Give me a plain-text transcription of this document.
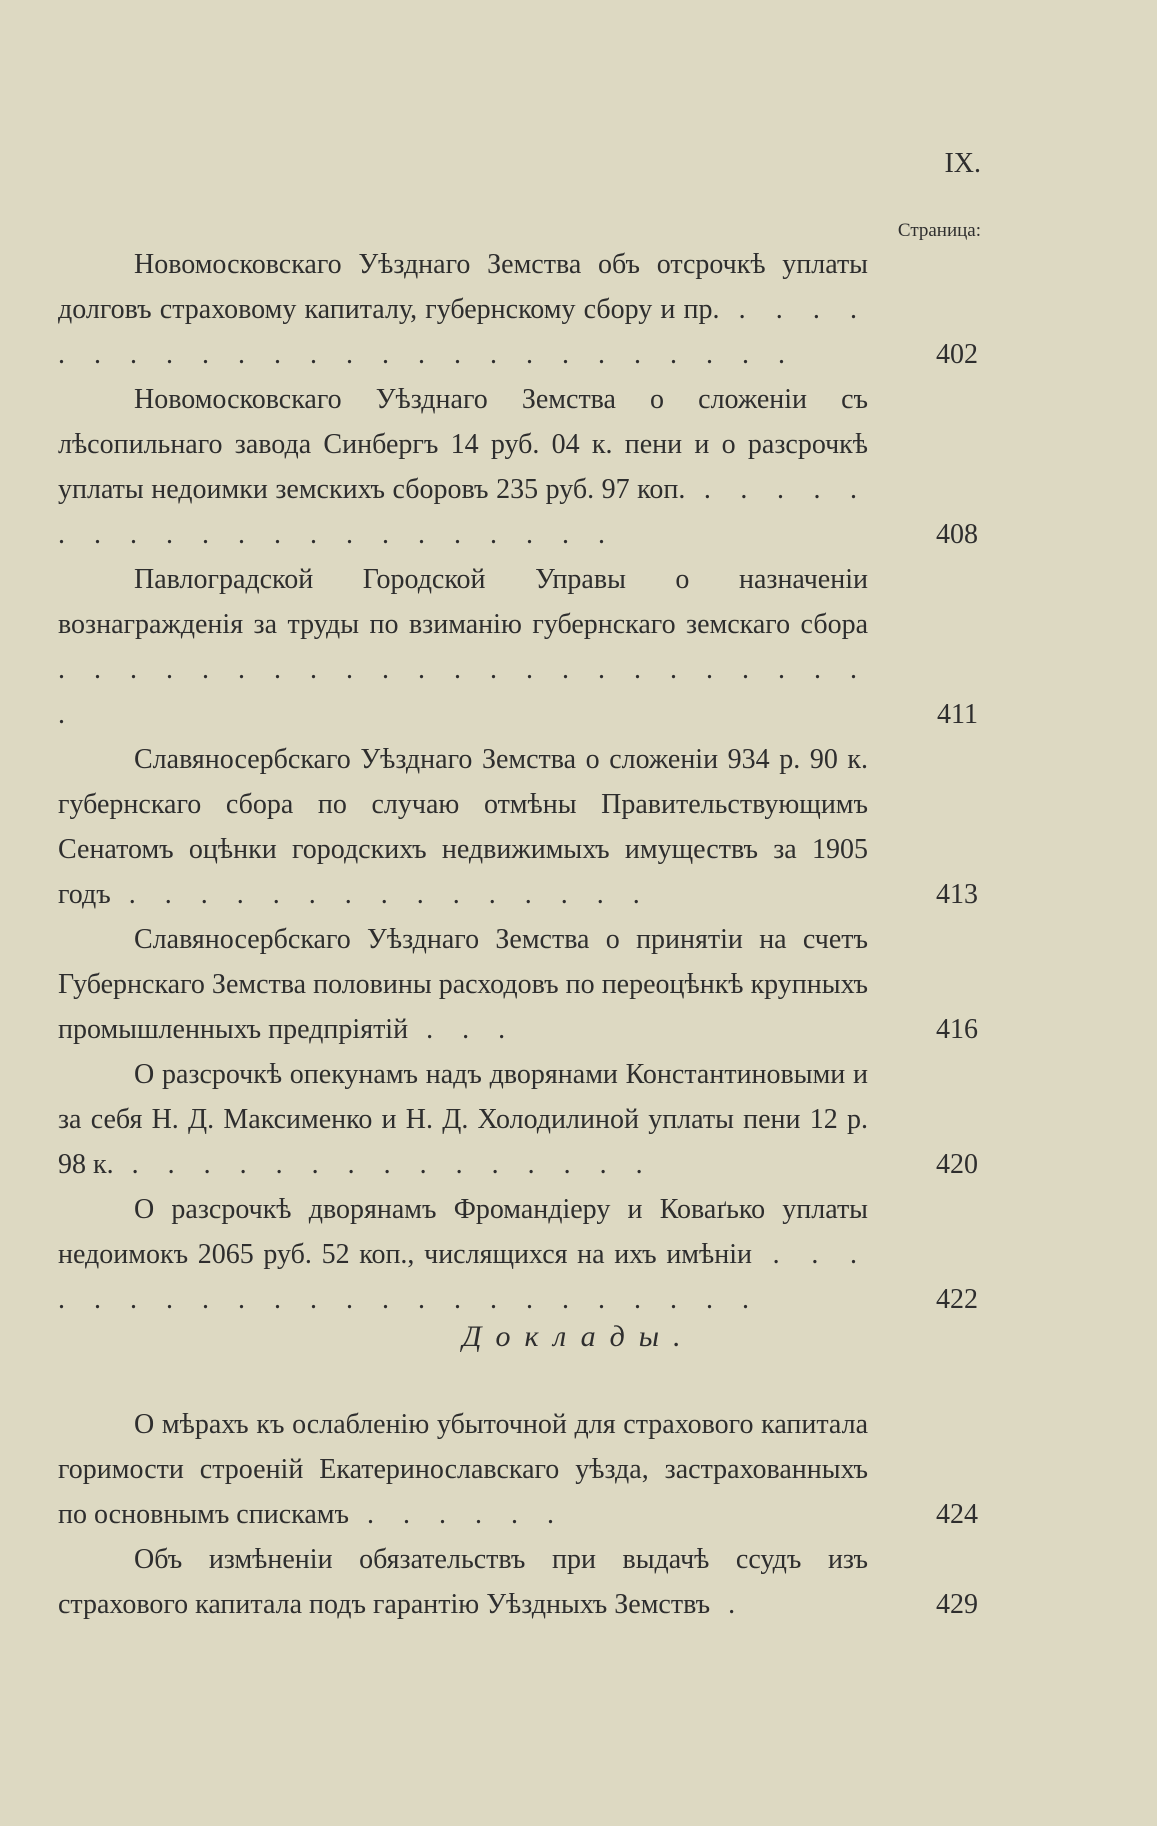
IX.
Страница:
Новомосковскаго Уѣзднаго Земства объ отсрочкѣ уплаты долговъ страховому капиталу, губернскому сбору и пр. . . . . . . . . . . . . . . . . . . . . . . . . .	402
Новомосковскаго Уѣзднаго Земства о сложенiи съ лѣсопильнаго завода Синбергъ 14 руб. 04 к. пени и о разсрочкѣ уплаты недоимки земскихъ сборовъ 235 руб. 97 коп. . . . . . . . . . . . . . . . . . . . . .	408
Павлоградской Городской Управы о назначенiи вознагражденiя за труды по взиманiю губернскаго земскаго сбора . . . . . . . . . . . . . . . . . . . . . . . .	411
Славяносербскаго Уѣзднаго Земства о сложенiи 934 р. 90 к. губернскаго сбора по случаю отмѣны Правительствующимъ Сенатомъ оцѣнки городскихъ недвижимыхъ имуществъ за 1905 годъ . . . . . . . . . . . . . . .	413
Славяносербскаго Уѣзднаго Земства о принятiи на счетъ Губернскаго Земства половины расходовъ по переоцѣнкѣ крупныхъ промышленныхъ предпрiятiй . . .	416
О разсрочкѣ опекунамъ надъ дворянами Константиновыми и за себя Н. Д. Максименко и Н. Д. Холодилиной уплаты пени 12 р. 98 к. . . . . . . . . . . . . . . .	420
О разсрочкѣ дворянамъ Фромандiеру и Коваґько уплаты недоимокъ 2065 руб. 52 коп., числящихся на ихъ имѣнiи . . . . . . . . . . . . . . . . . . . . . . .	422
Доклады.
О мѣрахъ къ ослабленiю убыточной для страхового капитала горимости строенiй Екатеринославскаго уѣзда, застрахованныхъ по основнымъ спискамъ . . . . . .	424
Объ измѣненiи обязательствъ при выдачѣ ссудъ изъ страхового капитала подъ гарантiю Уѣздныхъ Земствъ .	429
